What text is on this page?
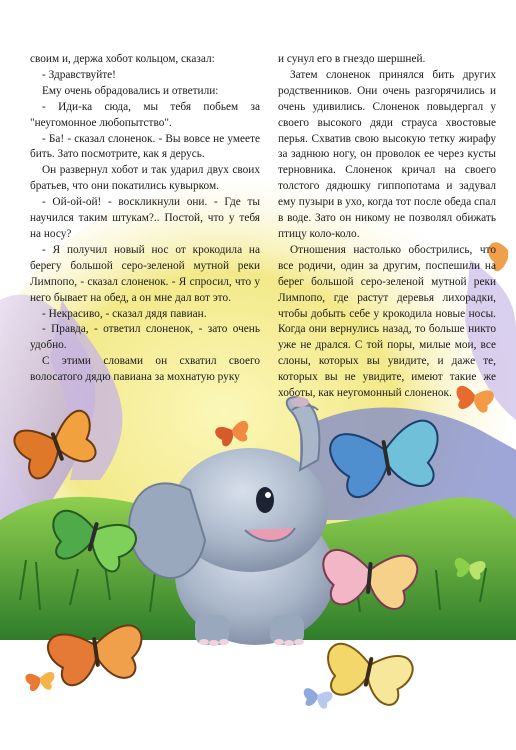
своим и, держа хобот кольцом, сказал:

- Здравствуйте!

Ему очень обрадовались и ответили:

- Иди-ка сюда, мы тебя побьем за "неугомонное любопытство".

- Ба! - сказал слоненок. - Вы вовсе не умеете бить. Зато посмотрите, как я дерусь.

Он развернул хобот и так ударил двух своих братьев, что они покатились кувырком.

- Ой-ой-ой! - воскликнули они. - Где ты научился таким штукам?.. Постой, что у тебя на носу?

- Я получил новый нос от крокодила на берегу большой серо-зеленой мутной реки Лимпопо, - сказал слоненок. - Я спросил, что у него бывает на обед, а он мне дал вот это.

- Некрасиво, - сказал дядя павиан.

- Правда, - ответил слоненок, - зато очень удобно.

С этими словами он схватил своего волосатого дядю павиана за мохнатую руку

и сунул его в гнездо шершней.

Затем слоненок принялся бить других родственников. Они очень разгорячились и очень удивились. Слоненок повыдергал у своего высокого дяди страуса хвостовые перья. Схватив свою высокую тетку жирафу за заднюю ногу, он проволок ее через кусты терновника. Слоненок кричал на своего толстого дядюшку гиппопотама и задувал ему пузыри в ухо, когда тот после обеда спал в воде. Зато он никому не позволял обижать птицу коло-коло.

Отношения настолько обострились, что все родичи, один за другим, поспешили на берег большой серо-зеленой мутной реки Лимпопо, где растут деревья лихорадки, чтобы добыть себе у крокодила новые носы. Когда они вернулись назад, то больше никто уже не дрался. С той поры, милые мои, все слоны, которых вы увидите, и даже те, которых вы не увидите, имеют такие же хоботы, как неугомонный слоненок.
